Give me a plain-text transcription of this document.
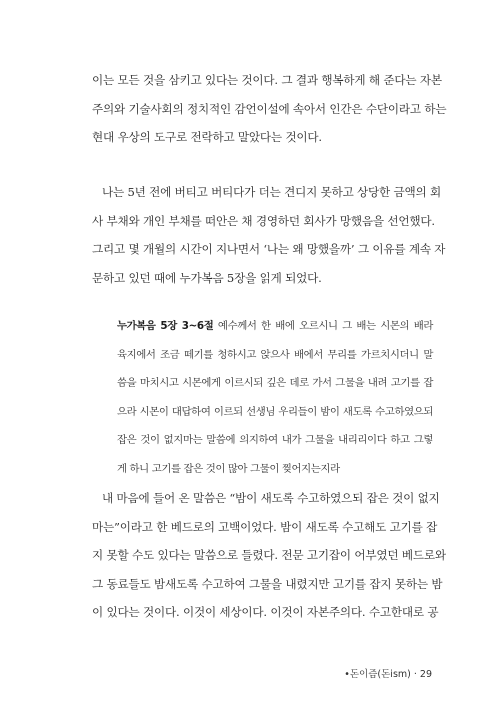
이는 모든 것을 삼키고 있다는 것이다. 그 결과 행복하게 해 준다는 자본
주의와 기술사회의 정치적인 감언이설에 속아서 인간은 수단이라고 하는
현대 우상의 도구로 전락하고 말았다는 것이다.

나는 5년 전에 버티고 버티다가 더는 견디지 못하고 상당한 금액의 회
사 부채와 개인 부채를 떠안은 채 경영하던 회사가 망했음을 선언했다.
그리고 몇 개월의 시간이 지나면서 ‘나는 왜 망했을까’ 그 이유를 계속 자
문하고 있던 때에 누가복음 5장을 읽게 되었다.

누가복음 5장 3~6절 예수께서 한 배에 오르시니 그 배는 시몬의 배라
육지에서 조금 떼기를 청하시고 앉으사 배에서 무리를 가르치시더니 말
씀을 마치시고 시몬에게 이르시되 깊은 데로 가서 그물을 내려 고기를 잡
으라 시몬이 대답하여 이르되 선생님 우리들이 밤이 새도록 수고하였으되
잡은 것이 없지마는 말씀에 의지하여 내가 그물을 내리리이다 하고 그렇
게 하니 고기를 잡은 것이 많아 그물이 찢어지는지라

내 마음에 들어 온 말씀은 “밤이 새도록 수고하였으되 잡은 것이 없지
마는”이라고 한 베드로의 고백이었다. 밤이 새도록 수고해도 고기를 잡
지 못할 수도 있다는 말씀으로 들렸다. 전문 고기잡이 어부였던 베드로와
그 동료들도 밤새도록 수고하여 그물을 내렸지만 고기를 잡지 못하는 밤
이 있다는 것이다. 이것이 세상이다. 이것이 자본주의다. 수고한대로 공

•돈이즘(돈ism) · 29
